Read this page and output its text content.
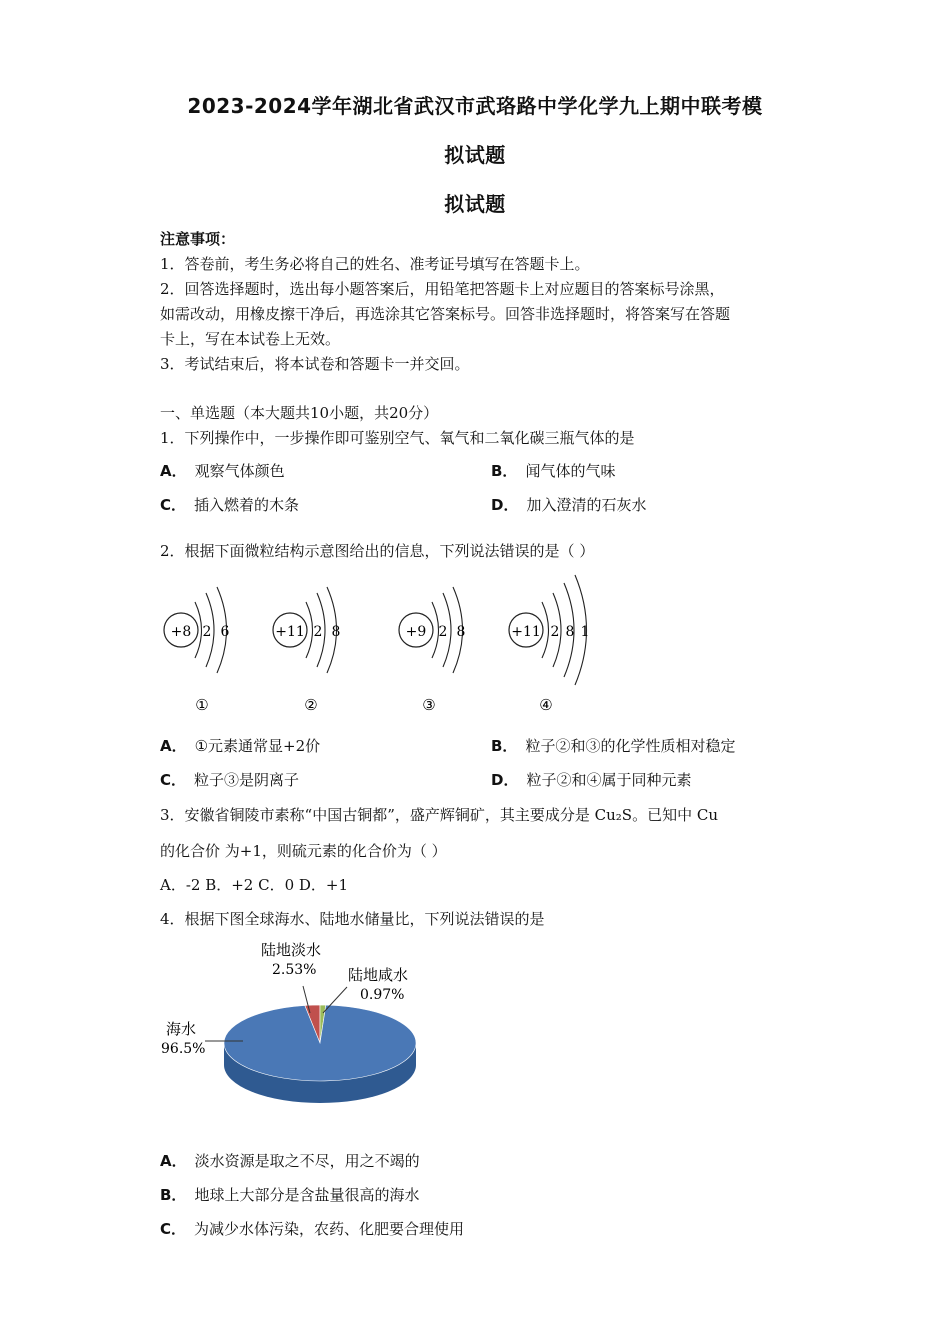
2023-2024学年湖北省武汉市武珞路中学化学九上期中联考模
拟试题
拟试题
注意事项：
1．答卷前，考生务必将自己的姓名、准考证号填写在答题卡上。
2．回答选择题时，选出每小题答案后，用铅笔把答题卡上对应题目的答案标号涂黑，
如需改动，用橡皮擦干净后，再选涂其它答案标号。回答非选择题时，将答案写在答题
卡上，写在本试卷上无效。
3．考试结束后，将本试卷和答题卡一并交回。
一、单选题（本大题共10小题，共20分）
1．下列操作中，一步操作即可鉴别空气、氧气和二氧化碳三瓶气体的是
A． 观察气体颜色	B． 闻气体的气味
C． 插入燃着的木条	D． 加入澄清的石灰水
2．根据下面微粒结构示意图给出的信息，下列说法错误的是（ ）
+8 2 6
①
+11 2 8
②
+9 2 8
③
+11 2 8 1
④
A． ①元素通常显+2价	B． 粒子②和③的化学性质相对稳定
C． 粒子③是阴离子	D． 粒子②和④属于同种元素
3．安徽省铜陵市素称“中国古铜都”，盛产辉铜矿，其主要成分是 Cu₂S。已知中 Cu
的化合价 为+1，则硫元素的化合价为（ ）
A．-2 B．+2 C．0 D．+1
4．根据下图全球海水、陆地水储量比，下列说法错误的是
陆地淡水
2.53% 陆地咸水
0.97%
海水
96.5%
A． 淡水资源是取之不尽，用之不竭的
B． 地球上大部分是含盐量很高的海水
C． 为减少水体污染，农药、化肥要合理使用
